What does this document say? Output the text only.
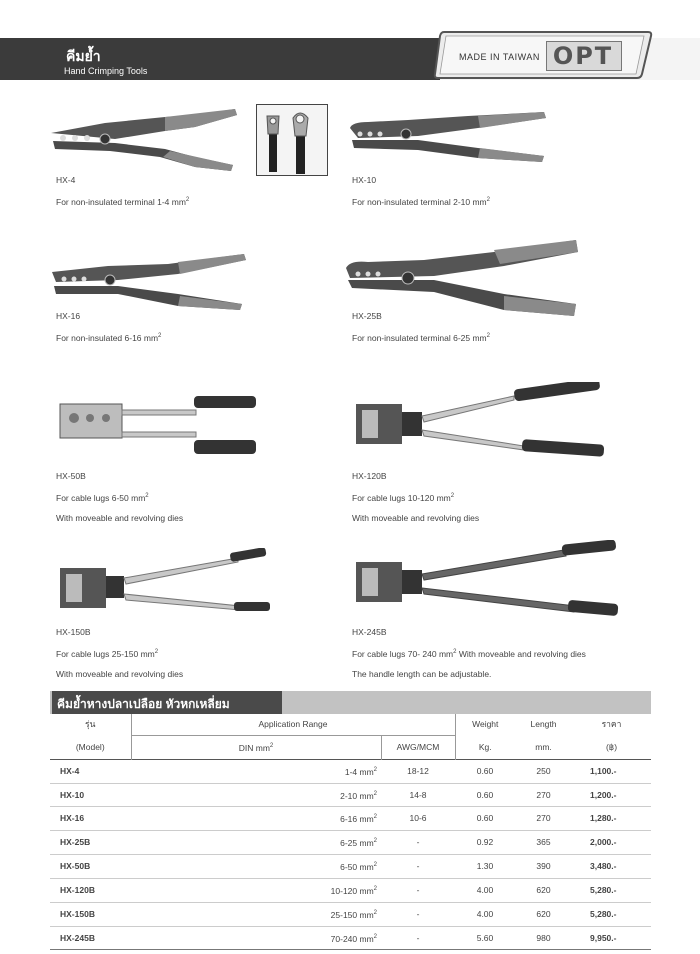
คีมย้ำ
Hand Crimping Tools
MADE IN TAIWAN OPT
HX-4
For non-insulated terminal 1-4 $mm^2$
HX-10
For non-insulated terminal 2-10 $mm^2$
HX-16
For non-insulated 6-16 $mm^2$
HX-25B
For non-insulated terminal 6-25 $mm^2$
HX-50B
For cable lugs 6-50 $mm^2$
With moveable and revolving dies
HX-120B
For cable lugs 10-120 $mm^2$
With moveable and revolving dies
HX-150B
For cable lugs 25-150 $mm^2$
With moveable and revolving dies
HX-245B
For cable lugs 70- 240 $mm^2$ With moveable and revolving dies
The handle length can be adjustable.
คีมย้ำหางปลาเปลือย หัวหกเหลี่ยม
รุ่น	Application Range		Weight	Length	ราคา
(Model)	DIN $mm^2$	AWG/MCM	Kg.	mm.	(฿)
HX-4	1-4 $mm^2$	18-12	0.60	250	1,100.-
HX-10	2-10 $mm^2$	14-8	0.60	270	1,200.-
HX-16	6-16 $mm^2$	10-6	0.60	270	1,280.-
HX-25B	6-25 $mm^2$	-	0.92	365	2,000.-
HX-50B	6-50 $mm^2$	-	1.30	390	3,480.-
HX-120B	10-120 $mm^2$	-	4.00	620	5,280.-
HX-150B	25-150 $mm^2$	-	4.00	620	5,280.-
HX-245B	70-240 $mm^2$	-	5.60	980	9,950.-
